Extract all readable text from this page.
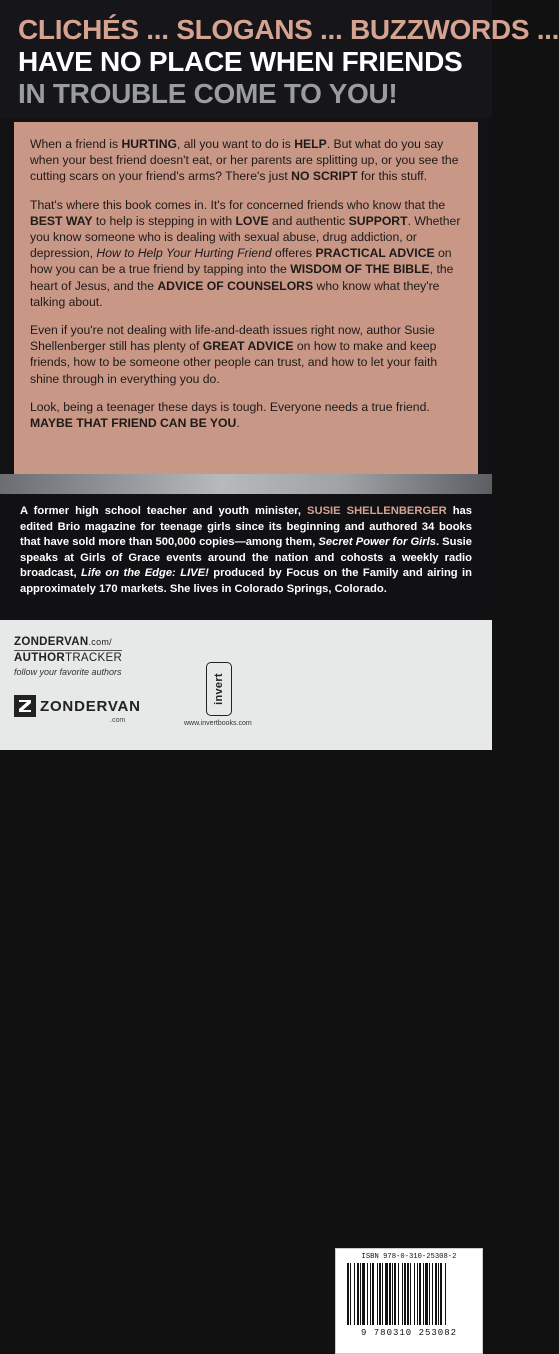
CLICHÉS ... SLOGANS ... BUZZWORDS ...
HAVE NO PLACE WHEN FRIENDS
IN TROUBLE COME TO YOU!

When a friend is HURTING, all you want to do is HELP. But what do you say when your best friend doesn't eat, or her parents are splitting up, or you see the cutting scars on your friend's arms? There's just NO SCRIPT for this stuff.

That's where this book comes in. It's for concerned friends who know that the BEST WAY to help is stepping in with LOVE and authentic SUPPORT. Whether you know someone who is dealing with sexual abuse, drug addiction, or depression, How to Help Your Hurting Friend offeres PRACTICAL ADVICE on how you can be a true friend by tapping into the WISDOM OF THE BIBLE, the heart of Jesus, and the ADVICE OF COUNSELORS who know what they're talking about.

Even if you're not dealing with life-and-death issues right now, author Susie Shellenberger still has plenty of GREAT ADVICE on how to make and keep friends, how to be someone other people can trust, and how to let your faith shine through in everything you do.

Look, being a teenager these days is tough. Everyone needs a true friend.
MAYBE THAT FRIEND CAN BE YOU.

A former high school teacher and youth minister, SUSIE SHELLENBERGER has edited Brio magazine for teenage girls since its beginning and authored 34 books that have sold more than 500,000 copies—among them, Secret Power for Girls. Susie speaks at Girls of Grace events around the nation and cohosts a weekly radio broadcast, Life on the Edge: LIVE! produced by Focus on the Family and airing in approximately 170 markets. She lives in Colorado Springs, Colorado.
ZONDERVAN.com/
AUTHORTRACKER
follow your favorite authors
ZONDERVAN
.com
ISBN 978-0-310-25308-2
9 780310 253082
invert
www.invertbooks.com
